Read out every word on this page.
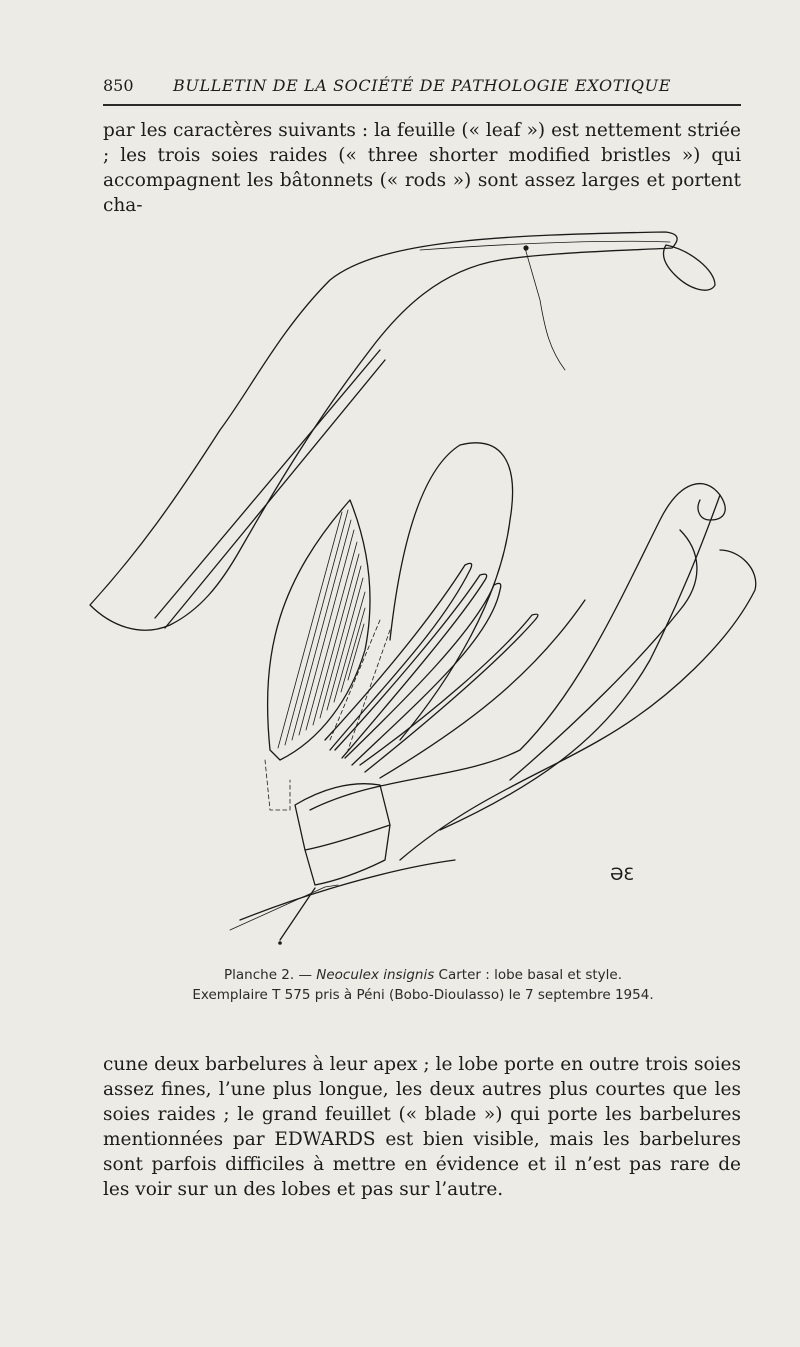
850	BULLETIN DE LA SOCIÉTÉ DE PATHOLOGIE EXOTIQUE

par les caractères suivants : la feuille (« leaf ») est nettement striée ; les trois soies raides (« three shorter modified bristles ») qui accompagnent les bâtonnets (« rods ») sont assez larges et portent cha-

ƏƐ
Planche 2. — Neoculex insignis Carter : lobe basal et style.
Exemplaire T 575 pris à Péni (Bobo-Dioulasso) le 7 septembre 1954.

cune deux barbelures à leur apex ; le lobe porte en outre trois soies assez fines, l’une plus longue, les deux autres plus courtes que les soies raides ; le grand feuillet (« blade ») qui porte les barbelures mentionnées par EDWARDS est bien visible, mais les barbelures sont parfois difficiles à mettre en évidence et il n’est pas rare de les voir sur un des lobes et pas sur l’autre.
